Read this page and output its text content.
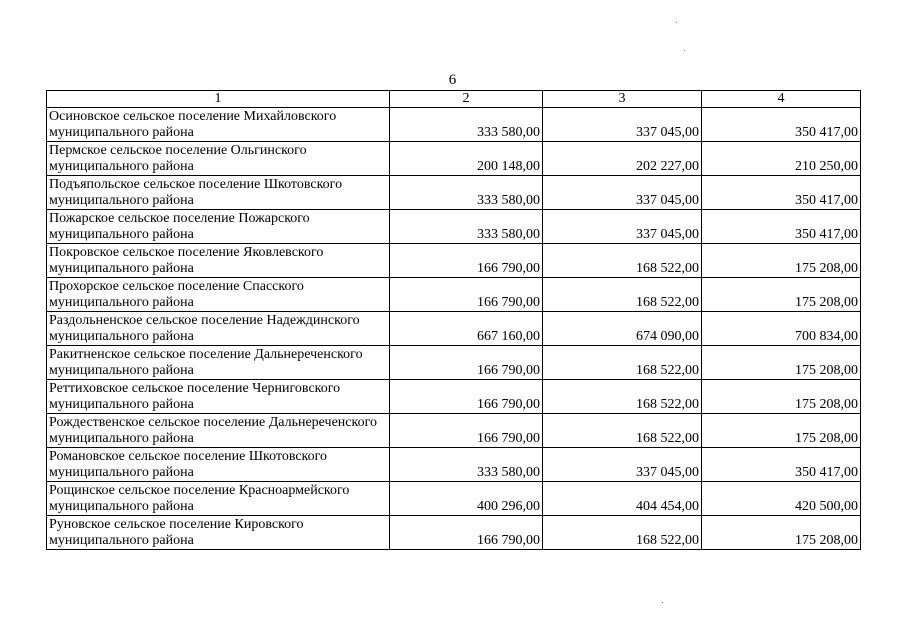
6
1	2	3	4
Осиновское сельское поселение Михайловского муниципального района	333 580,00	337 045,00	350 417,00
Пермское сельское поселение Ольгинского муниципального района	200 148,00	202 227,00	210 250,00
Подъяпольское сельское поселение Шкотовского муниципального района	333 580,00	337 045,00	350 417,00
Пожарское сельское поселение Пожарского муниципального района	333 580,00	337 045,00	350 417,00
Покровское сельское поселение Яковлевского муниципального района	166 790,00	168 522,00	175 208,00
Прохорское сельское поселение Спасского муниципального района	166 790,00	168 522,00	175 208,00
Раздольненское сельское поселение Надеждинского муниципального района	667 160,00	674 090,00	700 834,00
Ракитненское сельское поселение Дальнереченского муниципального района	166 790,00	168 522,00	175 208,00
Реттиховское сельское поселение Черниговского муниципального района	166 790,00	168 522,00	175 208,00
Рождественское сельское поселение Дальнереченского муниципального района	166 790,00	168 522,00	175 208,00
Романовское сельское поселение Шкотовского муниципального района	333 580,00	337 045,00	350 417,00
Рощинское сельское поселение Красноармейского муниципального района	400 296,00	404 454,00	420 500,00
Руновское сельское поселение Кировского муниципального района	166 790,00	168 522,00	175 208,00
